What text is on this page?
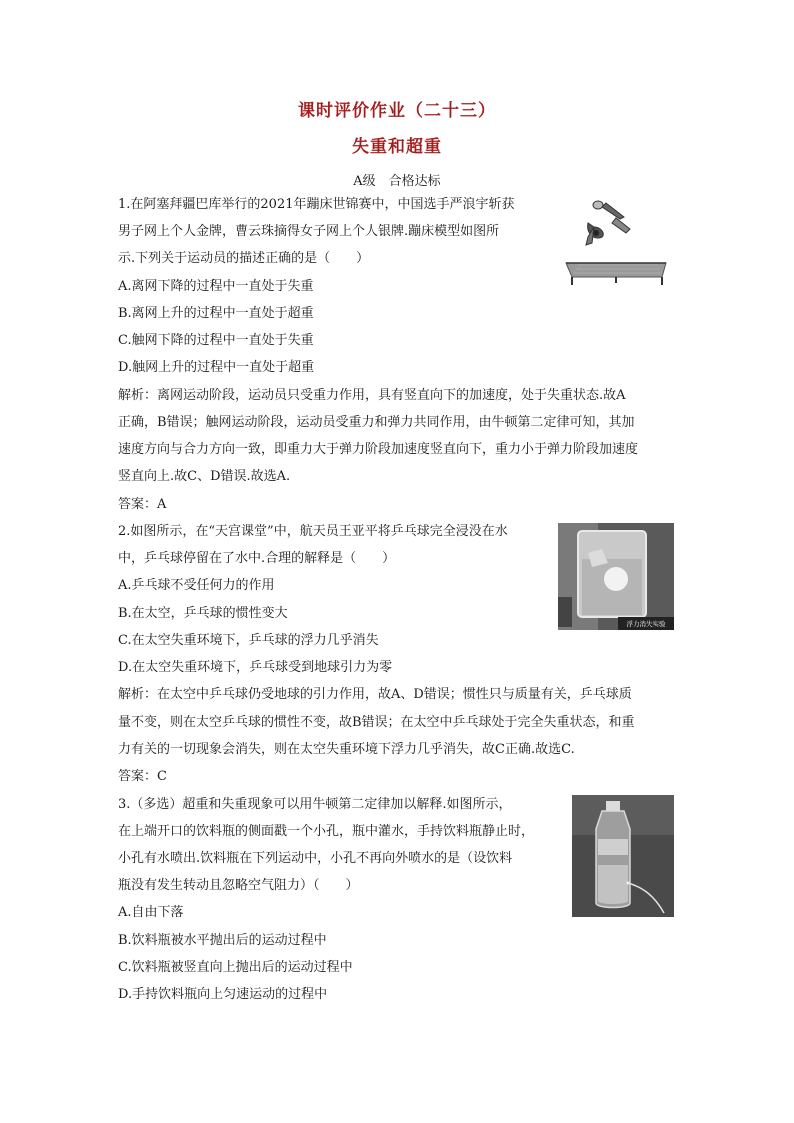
课时评价作业（二十三）
失重和超重
A级　合格达标
1.在阿塞拜疆巴库举行的2021年蹦床世锦赛中，中国选手严浪宇斩获
男子网上个人金牌，曹云珠摘得女子网上个人银牌.蹦床模型如图所
示.下列关于运动员的描述正确的是（　　）
A.离网下降的过程中一直处于失重
B.离网上升的过程中一直处于超重
C.触网下降的过程中一直处于失重
D.触网上升的过程中一直处于超重
解析：离网运动阶段，运动员只受重力作用，具有竖直向下的加速度，处于失重状态.故A
正确，B错误；触网运动阶段，运动员受重力和弹力共同作用，由牛顿第二定律可知，其加
速度方向与合力方向一致，即重力大于弹力阶段加速度竖直向下，重力小于弹力阶段加速度
竖直向上.故C、D错误.故选A.
答案：A
2.如图所示，在“天宫课堂”中，航天员王亚平将乒乓球完全浸没在水
中，乒乓球停留在了水中.合理的解释是（　　）
A.乒乓球不受任何力的作用
B.在太空，乒乓球的惯性变大
C.在太空失重环境下，乒乓球的浮力几乎消失
D.在太空失重环境下，乒乓球受到地球引力为零
解析：在太空中乒乓球仍受地球的引力作用，故A、D错误；惯性只与质量有关，乒乓球质
量不变，则在太空乒乓球的惯性不变，故B错误；在太空中乒乓球处于完全失重状态，和重
力有关的一切现象会消失，则在太空失重环境下浮力几乎消失，故C正确.故选C.
答案：C
浮力消失实验
3.（多选）超重和失重现象可以用牛顿第二定律加以解释.如图所示，
在上端开口的饮料瓶的侧面戳一个小孔，瓶中灌水，手持饮料瓶静止时，
小孔有水喷出.饮料瓶在下列运动中，小孔不再向外喷水的是（设饮料
瓶没有发生转动且忽略空气阻力）（　　）
A.自由下落
B.饮料瓶被水平抛出后的运动过程中
C.饮料瓶被竖直向上抛出后的运动过程中
D.手持饮料瓶向上匀速运动的过程中
